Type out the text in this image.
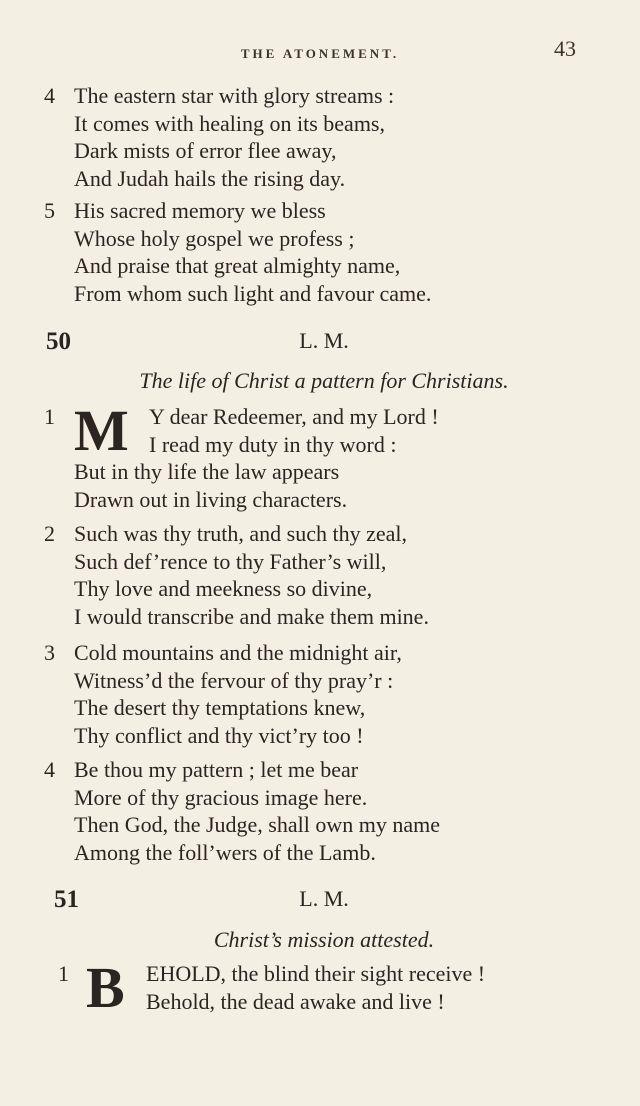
THE ATONEMENT.	43
4 The eastern star with glory streams :
It comes with healing on its beams,
Dark mists of error flee away,
And Judah hails the rising day.
5 His sacred memory we bless
Whose holy gospel we profess ;
And praise that great almighty name,
From whom such light and favour came.
50	L. M.
The life of Christ a pattern for Christians.
1 M Y dear Redeemer, and my Lord !
I read my duty in thy word :
But in thy life the law appears
Drawn out in living characters.
2 Such was thy truth, and such thy zeal,
Such def’rence to thy Father’s will,
Thy love and meekness so divine,
I would transcribe and make them mine.
3 Cold mountains and the midnight air,
Witness’d the fervour of thy pray’r :
The desert thy temptations knew,
Thy conflict and thy vict’ry too !
4 Be thou my pattern ; let me bear
More of thy gracious image here.
Then God, the Judge, shall own my name
Among the foll’wers of the Lamb.
51	L. M.
Christ’s mission attested.
1 B EHOLD, the blind their sight receive !
Behold, the dead awake and live !
